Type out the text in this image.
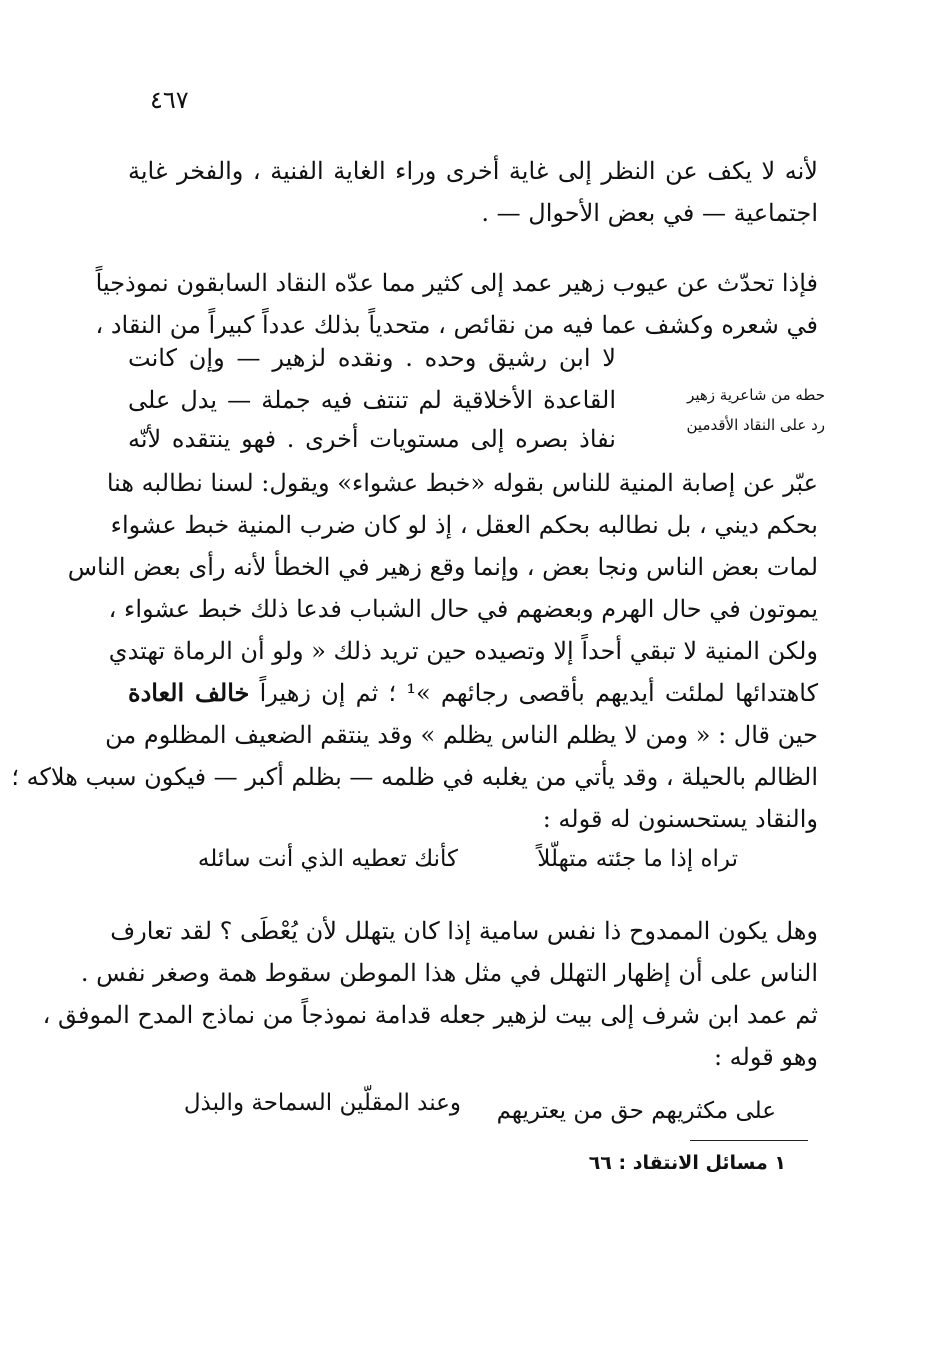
٤٦٧
لأنه لا يكف عن النظر إلى غاية أخرى وراء الغاية الفنية ، والفخر غاية
اجتماعية — في بعض الأحوال — .
فإذا تحدّث عن عيوب زهير عمد إلى كثير مما عدّه النقاد السابقون نموذجياً
في شعره وكشف عما فيه من نقائص ، متحدياً بذلك عدداً كبيراً من النقاد ،
لا ابن رشيق وحده . ونقده لزهير — وإن كانت
القاعدة الأخلاقية لم تنتف فيه جملة — يدل على
نفاذ بصره إلى مستويات أخرى . فهو ينتقده لأنّه
حطه من شاعرية زهير
رد على النقاد الأقدمين
عبّر عن إصابة المنية للناس بقوله «خبط عشواء» ويقول: لسنا نطالبه هنا
بحكم ديني ، بل نطالبه بحكم العقل ، إذ لو كان ضرب المنية خبط عشواء
لمات بعض الناس ونجا بعض ، وإنما وقع زهير في الخطأ لأنه رأى بعض الناس
يموتون في حال الهرم وبعضهم في حال الشباب فدعا ذلك خبط عشواء ،
ولكن المنية لا تبقي أحداً إلا وتصيده حين تريد ذلك « ولو أن الرماة تهتدي
كاهتدائها لملئت أيديهم بأقصى رجائهم »¹ ؛ ثم إن زهيراً خالف العادة
حين قال : « ومن لا يظلم الناس يظلم » وقد ينتقم الضعيف المظلوم من
الظالم بالحيلة ، وقد يأتي من يغلبه في ظلمه — بظلم أكبر — فيكون سبب هلاكه ؛
والنقاد يستحسنون له قوله :
تراه إذا ما جئته متهلّلاً
كأنك تعطيه الذي أنت سائله
وهل يكون الممدوح ذا نفس سامية إذا كان يتهلل لأن يُعْطَى ؟ لقد تعارف
الناس على أن إظهار التهلل في مثل هذا الموطن سقوط همة وصغر نفس .
ثم عمد ابن شرف إلى بيت لزهير جعله قدامة نموذجاً من نماذج المدح الموفق ،
وهو قوله :
على مكثريهم حق من يعتريهم
وعند المقلّين السماحة والبذل
١ مسائل الانتقاد : ٦٦
